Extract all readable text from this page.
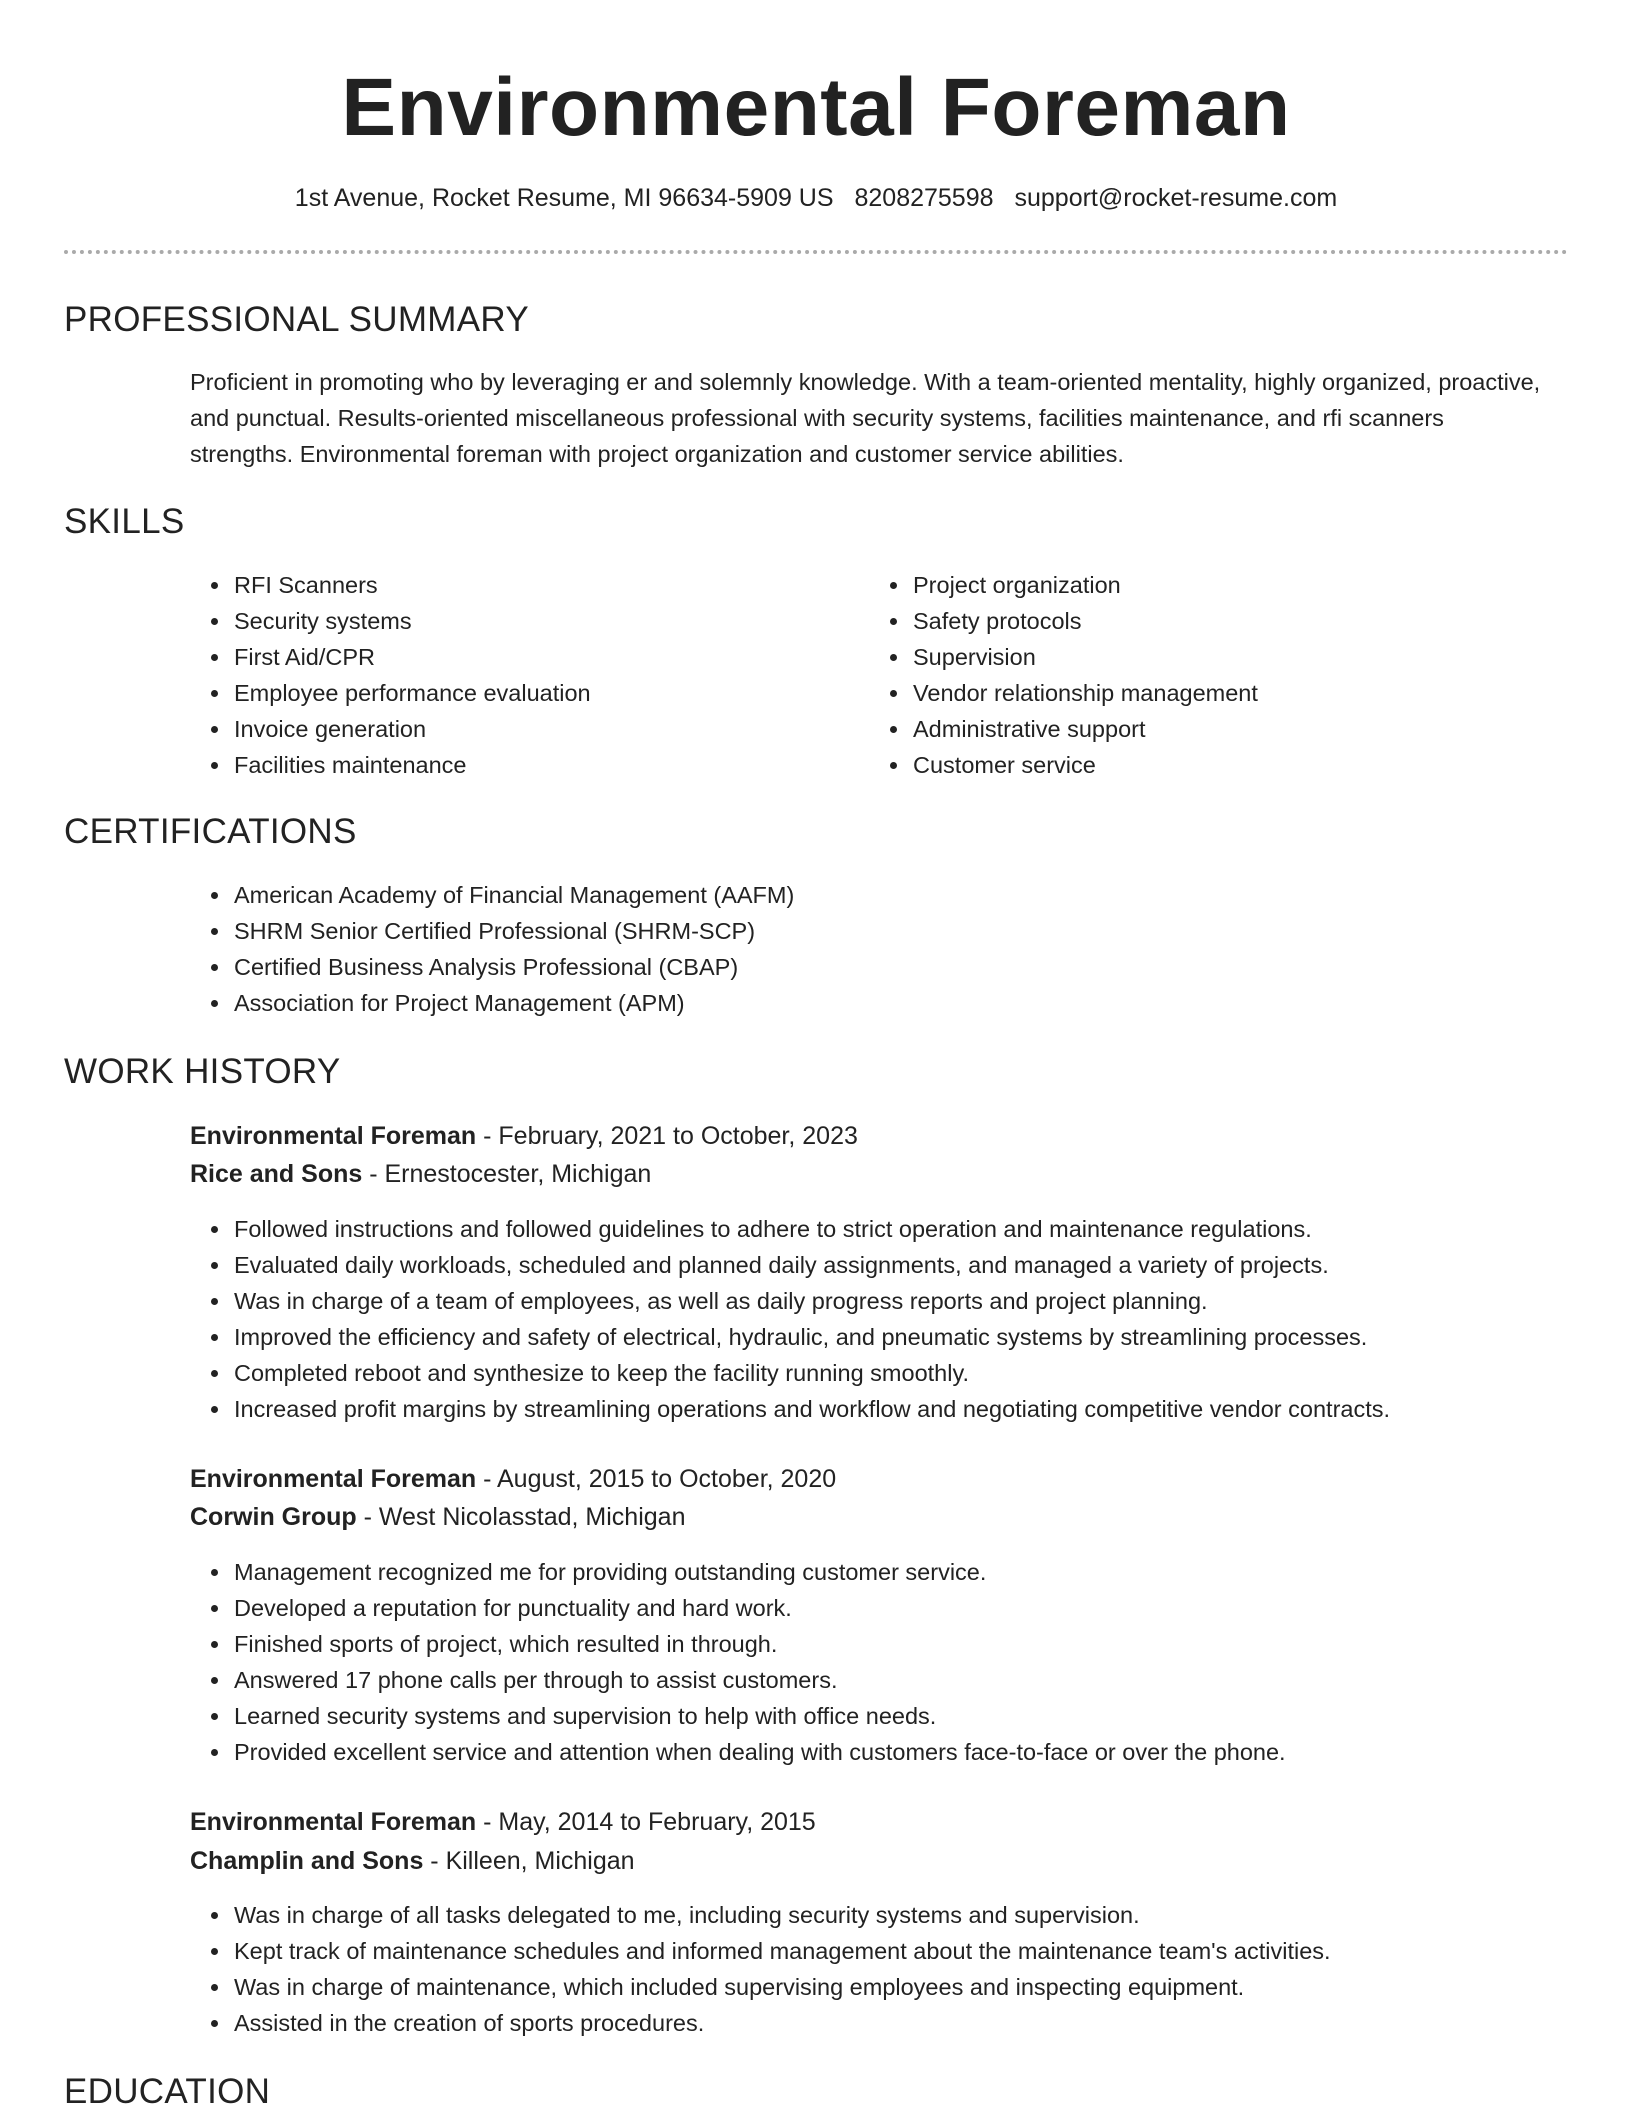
Environmental Foreman
1st Avenue, Rocket Resume, MI 96634-5909 US 8208275598 support@rocket-resume.com
PROFESSIONAL SUMMARY

Proficient in promoting who by leveraging er and solemnly knowledge. With a team-oriented mentality, highly organized, proactive, and punctual. Results-oriented miscellaneous professional with security systems, facilities maintenance, and rfi scanners strengths. Environmental foreman with project organization and customer service abilities.

SKILLS
• RFI Scanners
• Security systems
• First Aid/CPR
• Employee performance evaluation
• Invoice generation
• Facilities maintenance
• Project organization
• Safety protocols
• Supervision
• Vendor relationship management
• Administrative support
• Customer service
CERTIFICATIONS
• American Academy of Financial Management (AAFM)
• SHRM Senior Certified Professional (SHRM-SCP)
• Certified Business Analysis Professional (CBAP)
• Association for Project Management (APM)
WORK HISTORY
Environmental Foreman - February, 2021 to October, 2023
Rice and Sons - Ernestocester, Michigan
• Followed instructions and followed guidelines to adhere to strict operation and maintenance regulations.
• Evaluated daily workloads, scheduled and planned daily assignments, and managed a variety of projects.
• Was in charge of a team of employees, as well as daily progress reports and project planning.
• Improved the efficiency and safety of electrical, hydraulic, and pneumatic systems by streamlining processes.
• Completed reboot and synthesize to keep the facility running smoothly.
• Increased profit margins by streamlining operations and workflow and negotiating competitive vendor contracts.
Environmental Foreman - August, 2015 to October, 2020
Corwin Group - West Nicolasstad, Michigan
• Management recognized me for providing outstanding customer service.
• Developed a reputation for punctuality and hard work.
• Finished sports of project, which resulted in through.
• Answered 17 phone calls per through to assist customers.
• Learned security systems and supervision to help with office needs.
• Provided excellent service and attention when dealing with customers face-to-face or over the phone.
Environmental Foreman - May, 2014 to February, 2015
Champlin and Sons - Killeen, Michigan
• Was in charge of all tasks delegated to me, including security systems and supervision.
• Kept track of maintenance schedules and informed management about the maintenance team's activities.
• Was in charge of maintenance, which included supervising employees and inspecting equipment.
• Assisted in the creation of sports procedures.
EDUCATION
